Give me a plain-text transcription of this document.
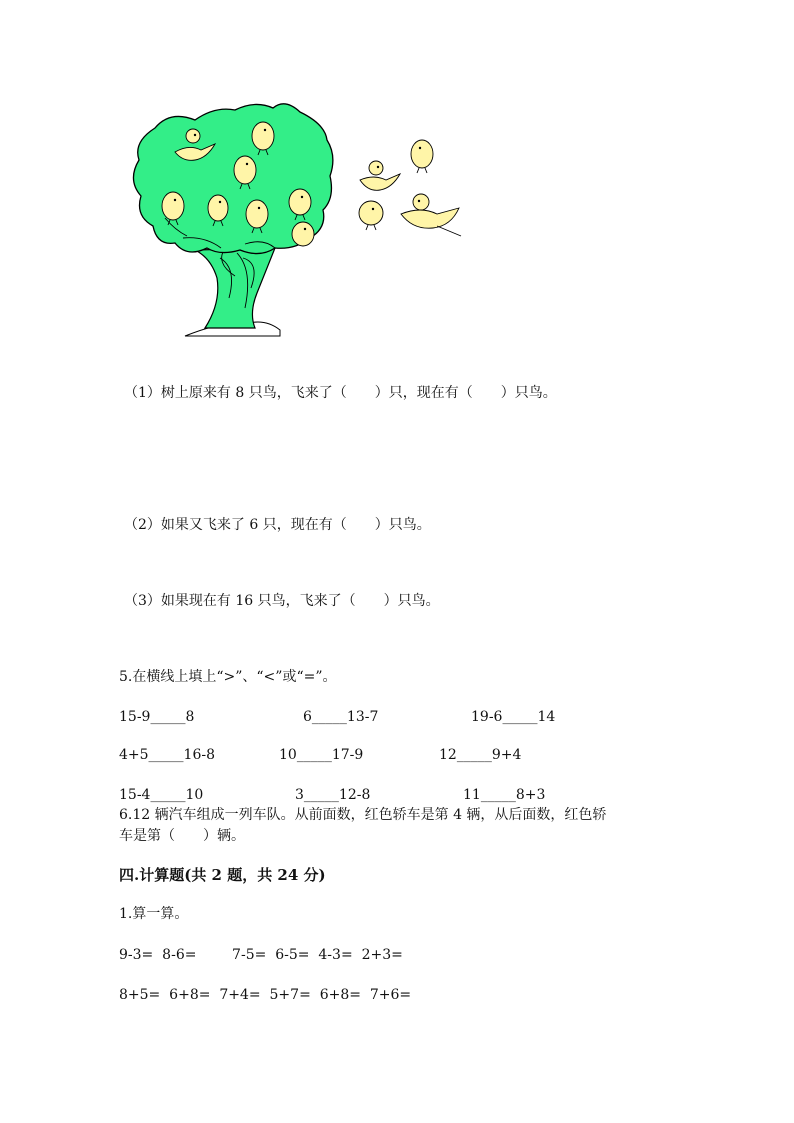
（1）树上原来有 8 只鸟，飞来了（　　）只，现在有（　　）只鸟。
（2）如果又飞来了 6 只，现在有（　　）只鸟。
（3）如果现在有 16 只鸟，飞来了（　　）只鸟。
5.在横线上填上“>”、“<”或“=”。
15-9_____8	6_____13-7	19-6_____14
4+5_____16-8	10_____17-9	12_____9+4
15-4_____10	3_____12-8	11_____8+3
6.12 辆汽车组成一列车队。从前面数，红色轿车是第 4 辆，从后面数，红色轿
车是第（　　）辆。
四.计算题(共 2 题，共 24 分)
1.算一算。
9-3=  8-6=        7-5=  6-5=  4-3=  2+3=
8+5=  6+8=  7+4=  5+7=  6+8=  7+6=
